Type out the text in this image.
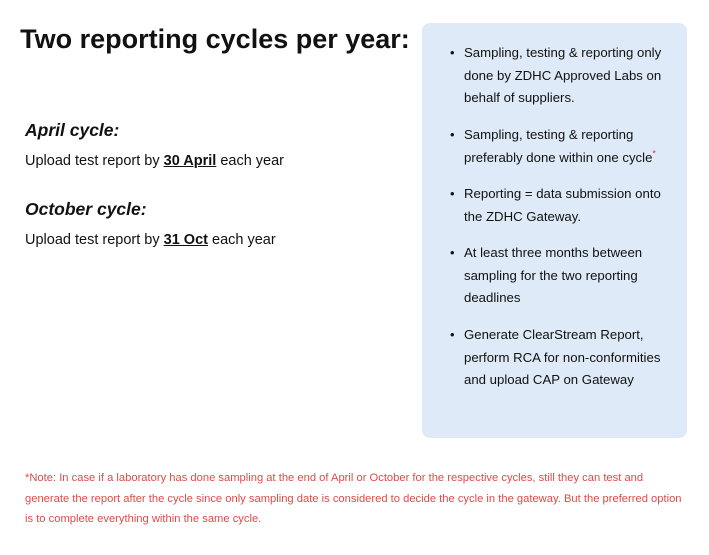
Two reporting cycles per year:
April cycle:

Upload test report by 30 April each year

October cycle:

Upload test report by 31 Oct each year

• Sampling, testing & reporting only done by ZDHC Approved Labs on behalf of suppliers.
• Sampling, testing & reporting preferably done within one cycle*
• Reporting = data submission onto the ZDHC Gateway.
• At least three months between sampling for the two reporting deadlines
• Generate ClearStream Report, perform RCA for non-conformities and upload CAP on Gateway

*Note: In case if a laboratory has done sampling at the end of April or October for the respective cycles, still they can test and generate the report after the cycle since only sampling date is considered to decide the cycle in the gateway. But the preferred option is to complete everything within the same cycle.
